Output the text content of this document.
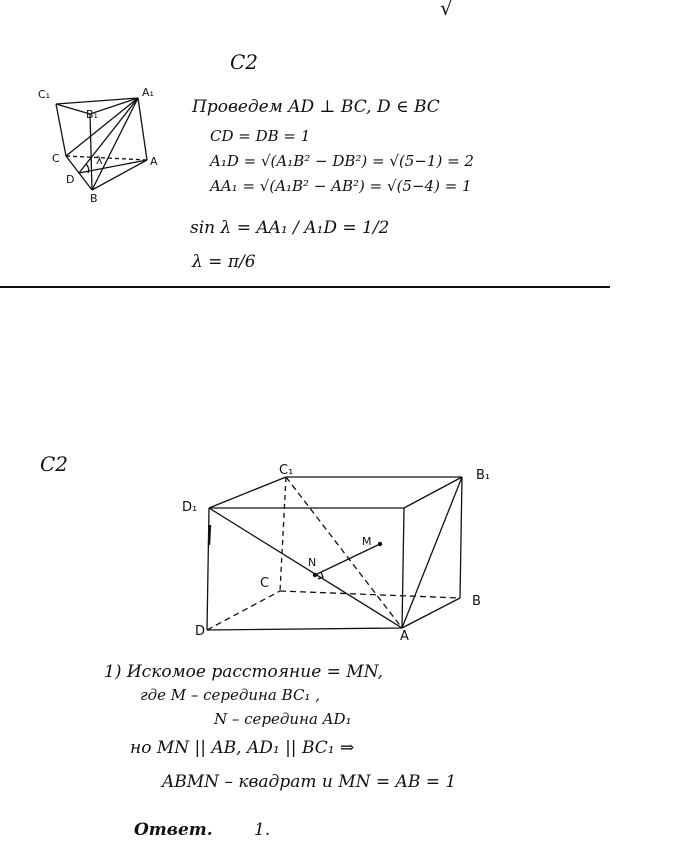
√
C2
C₁	A₁
B₁
C	A
D
λ
B
Проведем AD ⊥ BC, D ∈ BC
CD = DB = 1
A₁D = √(A₁B² − DB²) = √(5−1) = 2
AA₁ = √(A₁B² − AB²) = √(5−4) = 1
sin λ = AA₁ / A₁D = 1/2
λ = π/6
C2	C₁	B₁
D₁
C
B
D	A
N
M
1) Искомое расстояние = MN,
где M – середина BC₁ ,
N – середина AD₁
но MN || AB, AD₁ || BC₁ ⇒
ABMN – квадрат и MN = AB = 1
Ответ. 1.
